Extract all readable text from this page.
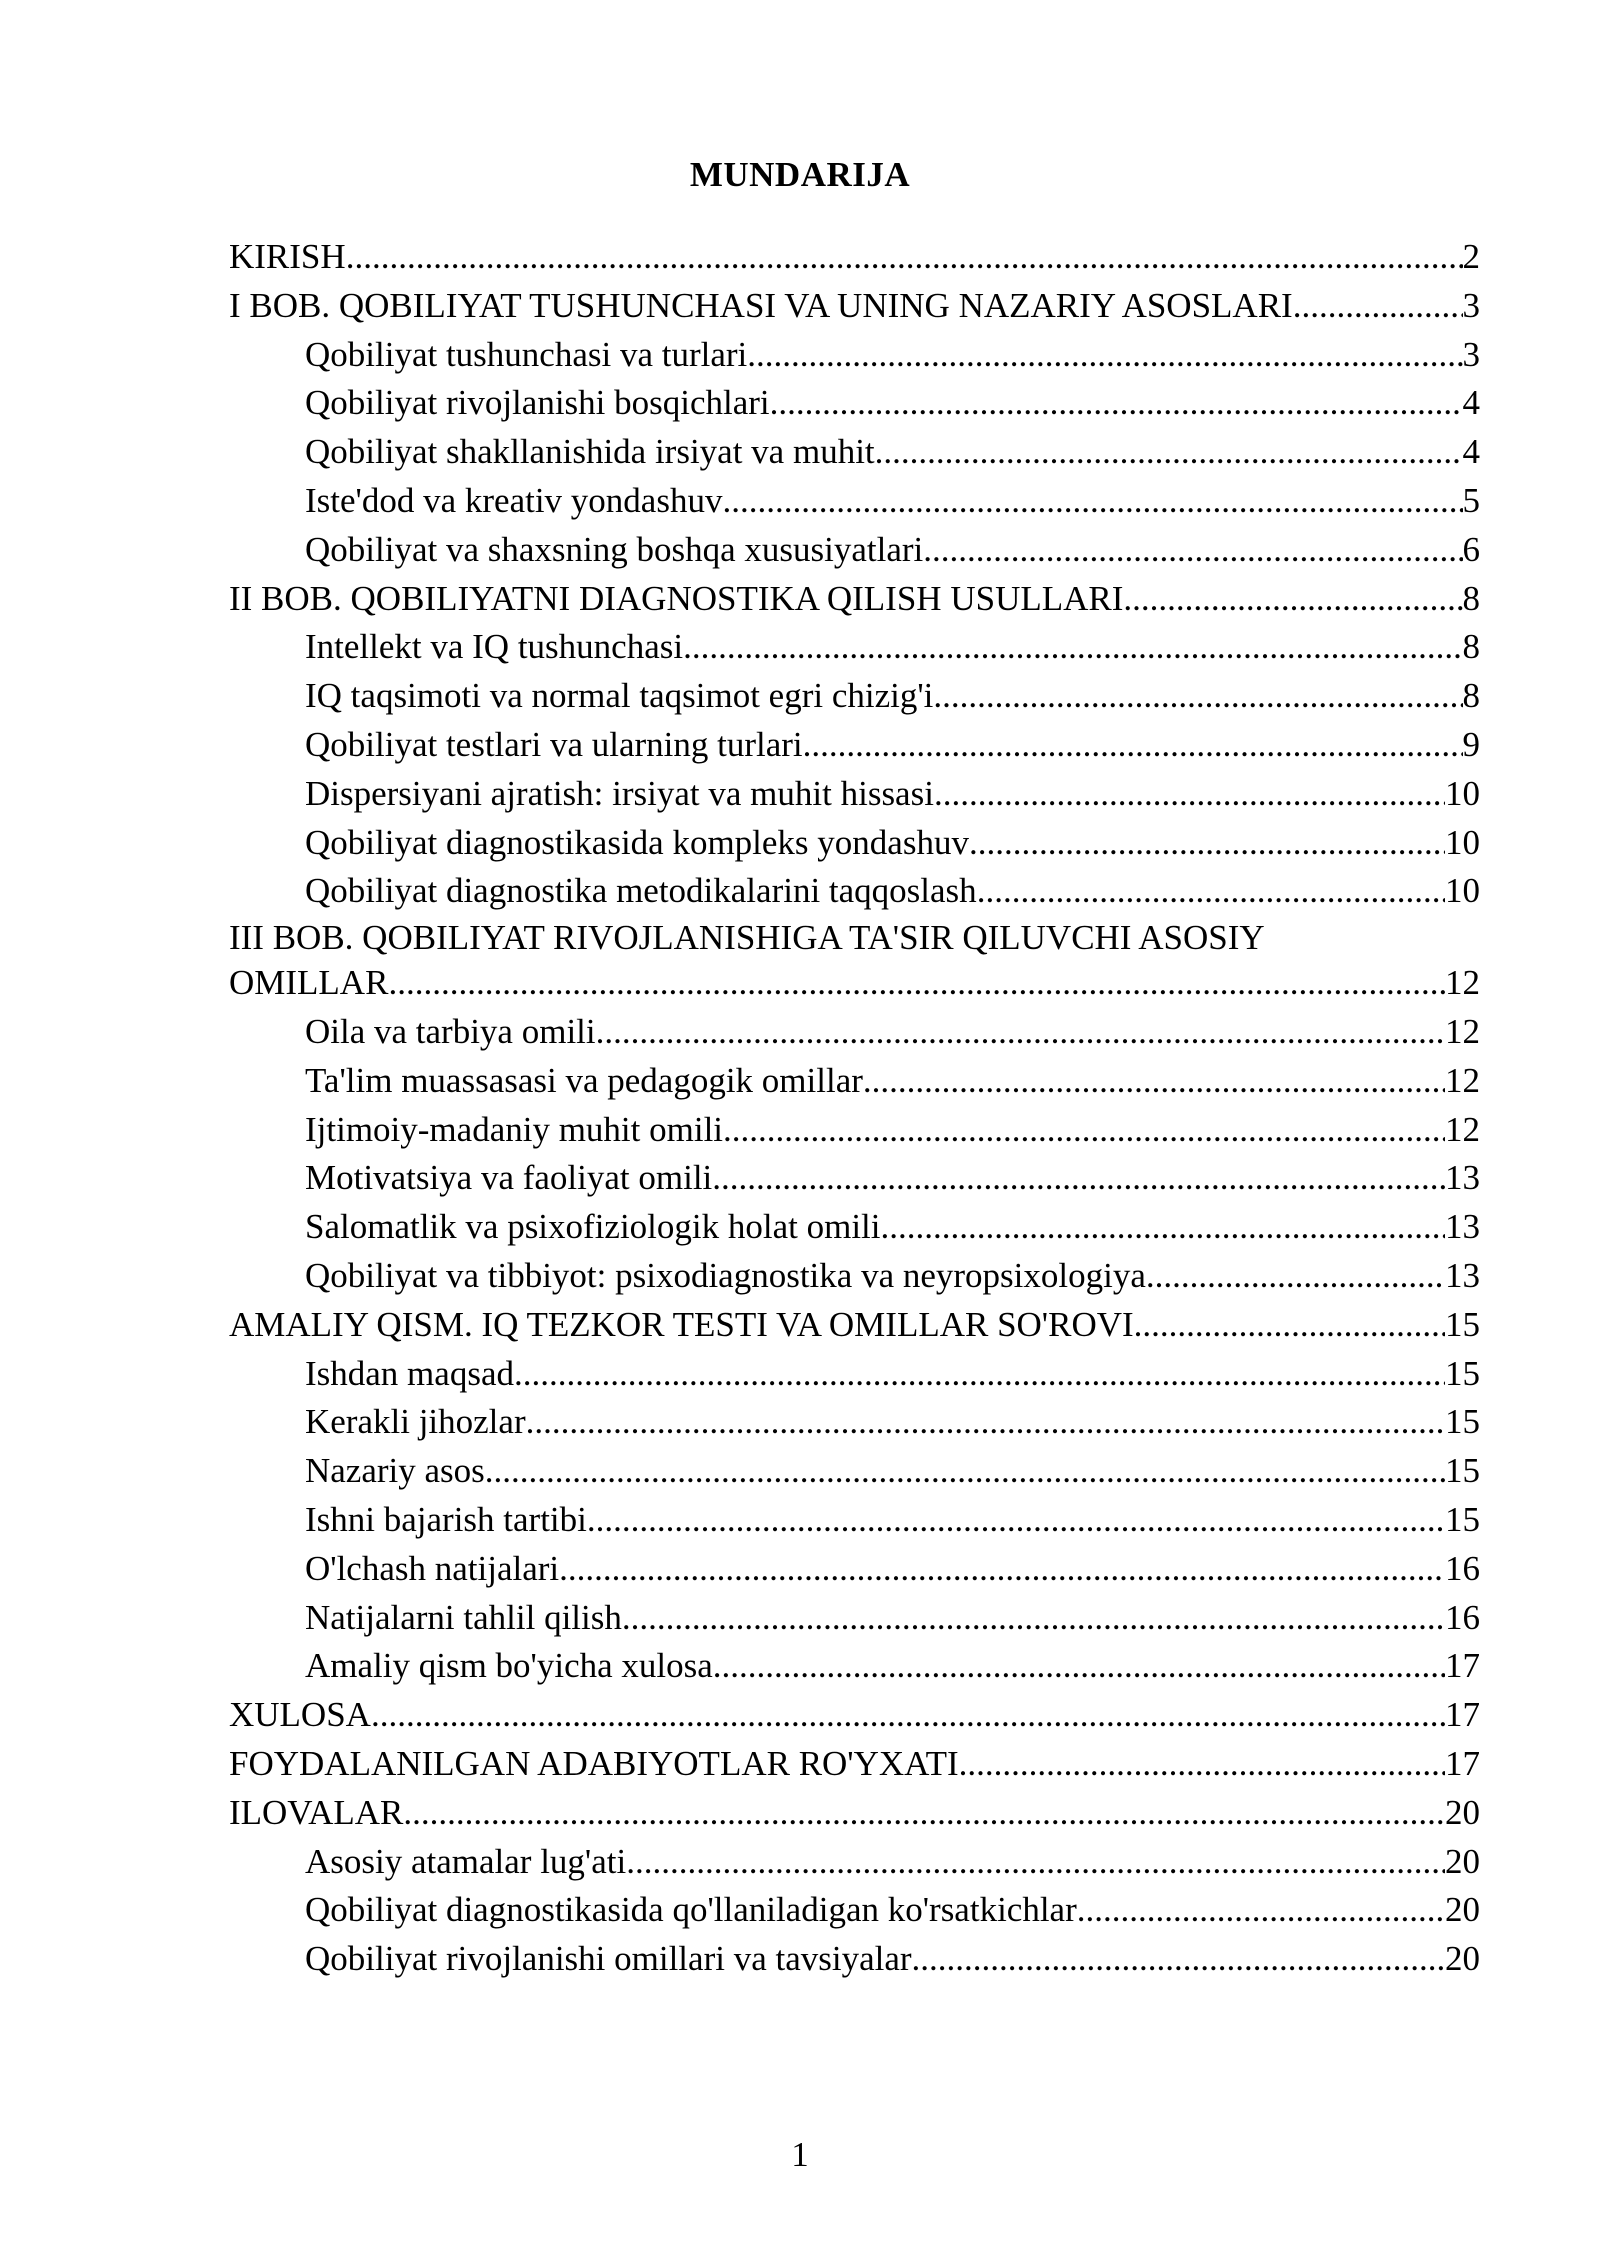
MUNDARIJA
KIRISH .....	2
I BOB. QOBILIYAT TUSHUNCHASI VA UNING NAZARIY ASOSLARI .....	3
Qobiliyat tushunchasi va turlari .....	3
Qobiliyat rivojlanishi bosqichlari .....	4
Qobiliyat shakllanishida irsiyat va muhit .....	4
Iste'dod va kreativ yondashuv .....	5
Qobiliyat va shaxsning boshqa xususiyatlari .....	6
II BOB. QOBILIYATNI DIAGNOSTIKA QILISH USULLARI .....	8
Intellekt va IQ tushunchasi .....	8
IQ taqsimoti va normal taqsimot egri chizig'i .....	8
Qobiliyat testlari va ularning turlari .....	9
Dispersiyani ajratish: irsiyat va muhit hissasi .....	10
Qobiliyat diagnostikasida kompleks yondashuv .....	10
Qobiliyat diagnostika metodikalarini taqqoslash .....	10
III BOB. QOBILIYAT RIVOJLANISHIGA TA'SIR QILUVCHI ASOSIY
OMILLAR .....	12
Oila va tarbiya omili .....	12
Ta'lim muassasasi va pedagogik omillar .....	12
Ijtimoiy-madaniy muhit omili .....	12
Motivatsiya va faoliyat omili .....	13
Salomatlik va psixofiziologik holat omili .....	13
Qobiliyat va tibbiyot: psixodiagnostika va neyropsixologiya .....	13
AMALIY QISM. IQ TEZKOR TESTI VA OMILLAR SO'ROVI .....	15
Ishdan maqsad .....	15
Kerakli jihozlar .....	15
Nazariy asos .....	15
Ishni bajarish tartibi .....	15
O'lchash natijalari .....	16
Natijalarni tahlil qilish .....	16
Amaliy qism bo'yicha xulosa .....	17
XULOSA .....	17
FOYDALANILGAN ADABIYOTLAR RO'YXATI .....	17
ILOVALAR .....	20
Asosiy atamalar lug'ati .....	20
Qobiliyat diagnostikasida qo'llaniladigan ko'rsatkichlar .....	20
Qobiliyat rivojlanishi omillari va tavsiyalar .....	20
1
